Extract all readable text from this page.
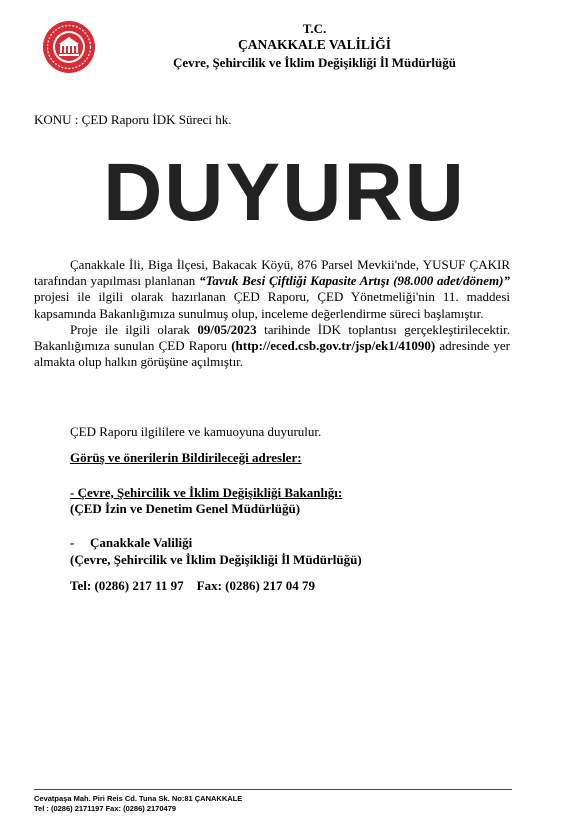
T.C.
ÇANAKKALE VALİLİĞİ
Çevre, Şehircilik ve İklim Değişikliği İl Müdürlüğü
KONU : ÇED Raporu İDK Süreci hk.
DUYURU
Çanakkale İli, Biga İlçesi, Bakacak Köyü, 876 Parsel Mevkii'nde, YUSUF ÇAKIR tarafından yapılması planlanan “Tavuk Besi Çiftliği Kapasite Artışı (98.000 adet/dönem)” projesi ile ilgili olarak hazırlanan ÇED Raporu, ÇED Yönetmeliği'nin 11. maddesi kapsamında Bakanlığımıza sunulmuş olup, inceleme değerlendirme süreci başlamıştır.
Proje ile ilgili olarak 09/05/2023 tarihinde İDK toplantısı gerçekleştirilecektir. Bakanlığımıza sunulan ÇED Raporu (http://eced.csb.gov.tr/jsp/ek1/41090) adresinde yer almakta olup halkın görüşüne açılmıştır.
ÇED Raporu ilgililere ve kamuoyuna duyurulur.
Görüş ve önerilerin Bildirileceği adresler:
- Çevre, Şehircilik ve İklim Değişikliği Bakanlığı:
(ÇED İzin ve Denetim Genel Müdürlüğü)
- Çanakkale Valiliği
(Çevre, Şehircilik ve İklim Değişikliği İl Müdürlüğü)
Tel: (0286) 217 11 97    Fax: (0286) 217 04 79
Cevatpaşa Mah. Piri Reis Cd. Tuna Sk. No:81 ÇANAKKALE
Tel : (0286) 2171197 Fax: (0286) 2170479
